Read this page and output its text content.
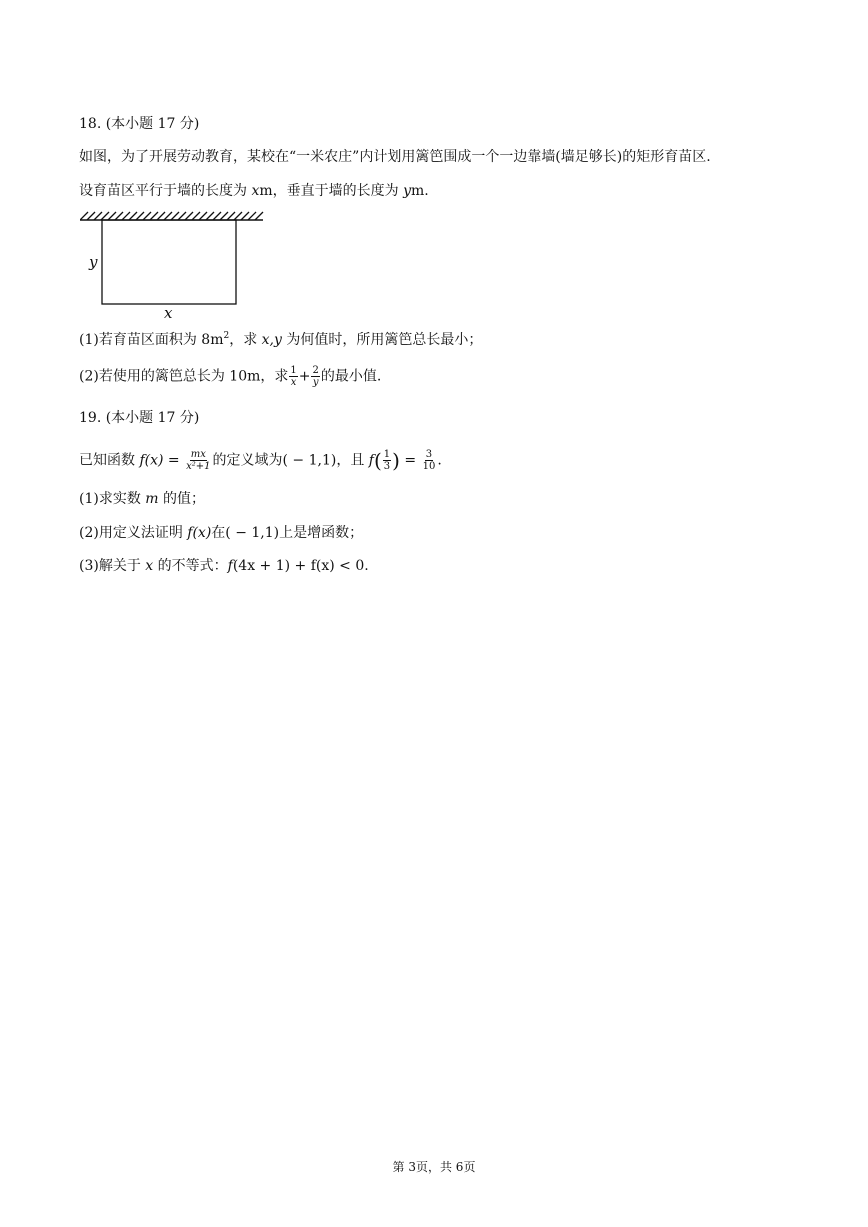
18. (本小题 17 分)
如图，为了开展劳动教育，某校在“一米农庄”内计划用篱笆围成一个一边靠墙(墙足够长)的矩形育苗区.
设育苗区平行于墙的长度为 xm，垂直于墙的长度为 ym.
y
x
(1)若育苗区面积为 $8m^2$，求 x,y 为何值时，所用篱笆总长最小；
(2)若使用的篱笆总长为 10m，求 $\frac{1}{x} + \frac{2}{y}$ 的最小值.
19. (本小题 17 分)
已知函数 $f(x) = \frac{mx}{\text{x²+1}}$ 的定义域为( − 1,1)，且 $f( \frac{1}{3}$ ) = $\frac{3}{10}$ .
(1)求实数 m 的值；
(2)用定义法证明 f(x)在( − 1,1)上是增函数；
(3)解关于 x 的不等式：f(4x + 1) + f(x) < 0.
第 3页，共 6页
